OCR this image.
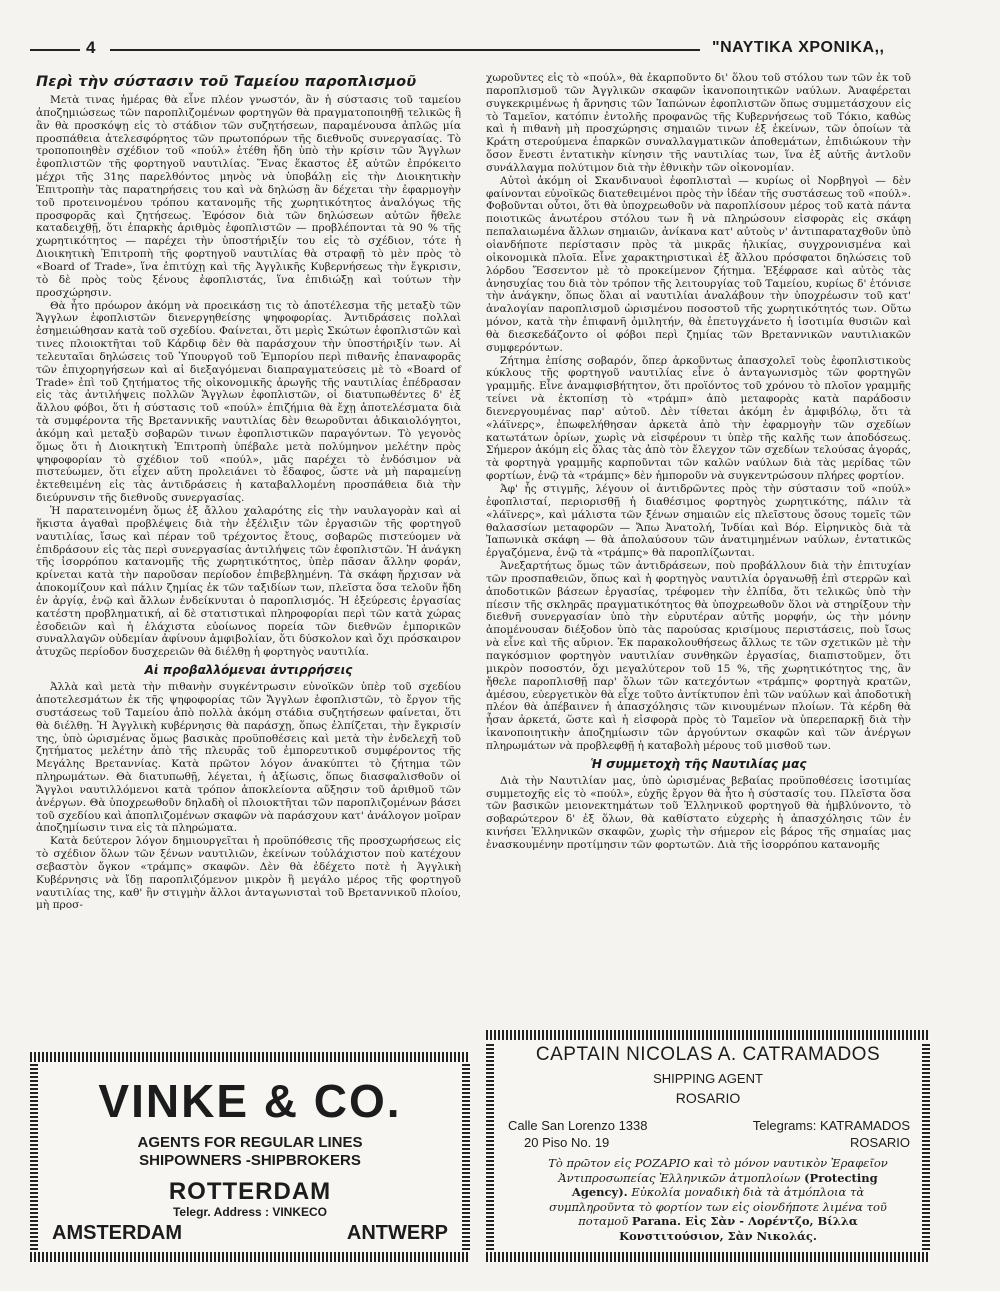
4	"ΝΑΥΤΙΚΑ ΧΡΟΝΙΚΑ,,
Περὶ τὴν σύστασιν τοῦ Ταμείου παροπλισμοῦ

Μετὰ τινας ἡμέρας θὰ εἶνε πλέον γνωστόν, ἂν ἡ σύστασις τοῦ ταμείου ἀποζημιώσεως τῶν παροπλιζομένων φορτηγῶν θὰ πραγματοποιηθῇ τελικῶς ἢ ἂν θὰ προσκόψῃ εἰς τὸ στάδιον τῶν συζητήσεων, παραμένουσα ἁπλῶς μία προσπάθεια ἀτελεσφόρητος τῶν πρωτοπόρων τῆς διεθνοῦς συνεργασίας. Τὸ τροποποιηθὲν σχέδιον τοῦ «πούλ» ἐτέθη ἤδη ὑπὸ τὴν κρίσιν τῶν Ἄγγλων ἐφοπλιστῶν τῆς φορτηγοῦ ναυτιλίας. Ἕνας ἕκαστος ἐξ αὐτῶν ἐπρόκειτο μέχρι τῆς 31ης παρελθόντος μηνὸς νὰ ὑποβάλῃ εἰς τὴν Διοικητικὴν Ἐπιτροπὴν τὰς παρατηρήσεις του καὶ νὰ δηλώσῃ ἂν δέχεται τὴν ἐφαρμογὴν τοῦ προτεινομένου τρόπου κατανομῆς τῆς χωρητικότητος ἀναλόγως τῆς προσφορᾶς καὶ ζητήσεως. Ἐφόσον διὰ τῶν δηλώσεων αὐτῶν ἤθελε καταδειχθῇ, ὅτι ἐπαρκὴς ἀριθμὸς ἐφοπλιστῶν — προβλέπονται τὰ 90 % τῆς χωρητικότητος — παρέχει τὴν ὑποστήριξίν του εἰς τὸ σχέδιον, τότε ἡ Διοικητικὴ Ἐπιτροπὴ τῆς φορτηγοῦ ναυτιλίας θὰ στραφῇ τὸ μὲν πρὸς τὸ «Board of Trade», ἵνα ἐπιτύχῃ καὶ τῆς Ἀγγλικῆς Κυβερνήσεως τὴν ἔγκρισιν, τὸ δὲ πρὸς τοὺς ξένους ἐφοπλιστάς, ἵνα ἐπιδιώξῃ καὶ τούτων τὴν προσχώρησιν.

Θὰ ἦτο πρόωρον ἀκόμη νὰ προεικάσῃ τις τὸ ἀποτέλεσμα τῆς μεταξὺ τῶν Ἄγγλων ἐφοπλιστῶν διενεργηθείσης ψηφοφορίας. Ἀντιδράσεις πολλαὶ ἐσημειώθησαν κατὰ τοῦ σχεδίου. Φαίνεται, ὅτι μερὶς Σκώτων ἐφοπλιστῶν καὶ τινες πλοιοκτῆται τοῦ Κάρδιφ δὲν θὰ παράσχουν τὴν ὑποστήριξίν των. Αἱ τελευταῖαι δηλώσεις τοῦ Ὑπουργοῦ τοῦ Ἐμπορίου περὶ πιθανῆς ἐπαναφορᾶς τῶν ἐπιχορηγήσεων καὶ αἱ διεξαγόμεναι διαπραγματεύσεις μὲ τὸ «Board of Trade» ἐπὶ τοῦ ζητήματος τῆς οἰκονομικῆς ἀρωγῆς τῆς ναυτιλίας ἐπέδρασαν εἰς τὰς ἀντιλήψεις πολλῶν Ἄγγλων ἐφοπλιστῶν, οἱ διατυπωθέντες δ' ἐξ ἄλλου φόβοι, ὅτι ἡ σύστασις τοῦ «πούλ» ἐπιζήμια θὰ ἔχῃ ἀποτελέσματα διὰ τὰ συμφέροντα τῆς Βρεταννικῆς ναυτιλίας δὲν θεωροῦνται ἀδικαιολόγητοι, ἀκόμη καὶ μεταξὺ σοβαρῶν τινων ἐφοπλιστικῶν παραγόντων. Τὸ γεγονὸς ὅμως ὅτι ἡ Διοικητικὴ Ἐπιτροπὴ ὑπέβαλε μετὰ πολύμηνον μελέτην πρὸς ψηφοφορίαν τὸ σχέδιον τοῦ «πούλ», μᾶς παρέχει τὸ ἐνδόσιμον νὰ πιστεύωμεν, ὅτι εἶχεν αὕτη προλειάνει τὸ ἔδαφος, ὥστε νὰ μὴ παραμείνῃ ἐκτεθειμένη εἰς τὰς ἀντιδράσεις ἡ καταβαλλομένη προσπάθεια διὰ τὴν διεύρυνσιν τῆς διεθνοῦς συνεργασίας.

Ἡ παρατεινομένη ὅμως ἐξ ἄλλου χαλαρότης εἰς τὴν ναυλαγορὰν καὶ αἱ ἥκιστα ἀγαθαὶ προβλέψεις διὰ τὴν ἐξέλιξιν τῶν ἐργασιῶν τῆς φορτηγοῦ ναυτιλίας, ἴσως καὶ πέραν τοῦ τρέχοντος ἔτους, σοβαρῶς πιστεύομεν νὰ ἐπιδράσουν εἰς τὰς περὶ συνεργασίας ἀντιλήψεις τῶν ἐφοπλιστῶν. Ἡ ἀνάγκη τῆς ἰσορρόπου κατανομῆς τῆς χωρητικότητος, ὑπὲρ πᾶσαν ἄλλην φοράν, κρίνεται κατὰ τὴν παροῦσαν περίοδον ἐπιβεβλημένη. Τὰ σκάφη ἤρχισαν νὰ ἀποκομίζουν καὶ πάλιν ζημίας ἐκ τῶν ταξιδίων των, πλεῖστα ὅσα τελοῦν ἤδη ἐν ἀργίᾳ, ἐνῷ καὶ ἄλλων ἐνδείκνυται ὁ παροπλισμός. Ἡ ἐξεύρεσις ἐργασίας κατέστη προβληματική, αἱ δὲ στατιστικαὶ πληροφορίαι περὶ τῶν κατὰ χώρας ἐσοδειῶν καὶ ἡ ἐλάχιστα εὐοίωνος πορεία τῶν διεθνῶν ἐμπορικῶν συναλλαγῶν οὐδεμίαν ἀφίνουν ἀμφιβολίαν, ὅτι δύσκολον καὶ ὄχι πρόσκαιρον ἀτυχῶς περίοδον δυσχερειῶν θὰ διέλθῃ ἡ φορτηγὸς ναυτιλία.

Αἱ προβαλλόμεναι ἀντιρρήσεις

Ἀλλὰ καὶ μετὰ τὴν πιθανὴν συγκέντρωσιν εὐνοϊκῶν ὑπὲρ τοῦ σχεδίου ἀποτελεσμάτων ἐκ τῆς ψηφοφορίας τῶν Ἄγγλων ἐφοπλιστῶν, τὸ ἔργον τῆς συστάσεως τοῦ Ταμείου ἀπὸ πολλὰ ἀκόμη στάδια συζητήσεων φαίνεται, ὅτι θὰ διέλθῃ. Ἡ Ἀγγλικὴ κυβέρνησις θὰ παράσχῃ, ὅπως ἐλπίζεται, τὴν ἔγκρισίν της, ὑπὸ ὡρισμένας ὅμως βασικὰς προϋποθέσεις καὶ μετὰ τὴν ἐνδελεχῆ τοῦ ζητήματος μελέτην ἀπὸ τῆς πλευρᾶς τοῦ ἐμπορευτικοῦ συμφέροντος τῆς Μεγάλης Βρεταννίας. Κατὰ πρῶτον λόγον ἀνακύπτει τὸ ζήτημα τῶν πληρωμάτων. Θὰ διατυπωθῇ, λέγεται, ἡ ἀξίωσις, ὅπως διασφαλισθοῦν οἱ Ἄγγλοι ναυτιλλόμενοι κατὰ τρόπον ἀποκλείοντα αὔξησιν τοῦ ἀριθμοῦ τῶν ἀνέργων. Θὰ ὑποχρεωθοῦν δηλαδὴ οἱ πλοιοκτῆται τῶν παροπλιζομένων βάσει τοῦ σχεδίου καὶ ἀποπλιζομένων σκαφῶν νὰ παράσχουν κατ' ἀνάλογον μοῖραν ἀποζημίωσιν τινα εἰς τὰ πληρώματα.

Κατὰ δεύτερον λόγον δημιουργεῖται ἡ προϋπόθεσις τῆς προσχωρήσεως εἰς τὸ σχέδιον ὅλων τῶν ξένων ναυτιλιῶν, ἐκείνων τοὐλάχιστον ποὺ κατέχουν σεβαστὸν ὄγκον «τράμπς» σκαφῶν. Δὲν θὰ ἐδέχετο ποτὲ ἡ Ἀγγλικὴ Κυβέρνησις νὰ ἴδῃ παροπλιζόμενον μικρὸν ἢ μεγάλο μέρος τῆς φορτηγοῦ ναυτιλίας της, καθ' ἣν στιγμὴν ἄλλοι ἀνταγωνισταὶ τοῦ Βρεταννικοῦ πλοίου, μὴ προσ-

χωροῦντες εἰς τὸ «πούλ», θὰ ἐκαρποῦντο δι' ὅλου τοῦ στόλου των τῶν ἐκ τοῦ παροπλισμοῦ τῶν Ἀγγλικῶν σκαφῶν ἱκανοποιητικῶν ναύλων. Ἀναφέρεται συγκεκριμένως ἡ ἄρνησις τῶν Ἰαπώνων ἐφοπλιστῶν ὅπως συμμετάσχουν εἰς τὸ Ταμεῖον, κατόπιν ἐντολῆς προφανῶς τῆς Κυβερνήσεως τοῦ Τόκιο, καθὼς καὶ ἡ πιθανὴ μὴ προσχώρησις σημαιῶν τινων ἐξ ἐκείνων, τῶν ὁποίων τὰ Κράτη στερούμενα ἐπαρκῶν συναλλαγματικῶν ἀποθεμάτων, ἐπιδιώκουν τὴν ὅσον ἔνεστι ἐντατικὴν κίνησιν τῆς ναυτιλίας των, ἵνα ἐξ αὐτῆς ἀντλοῦν συνάλλαγμα πολύτιμον διὰ τὴν ἐθνικὴν τῶν οἰκονομίαν.

Αὐτοὶ ἀκόμη οἱ Σκανδιναυοὶ ἐφοπλισταὶ — κυρίως οἱ Νορβηγοὶ — δὲν φαίνονται εὐνοϊκῶς διατεθειμένοι πρὸς τὴν ἰδέαν τῆς συστάσεως τοῦ «πούλ». Φοβοῦνται οὗτοι, ὅτι θὰ ὑποχρεωθοῦν νὰ παροπλίσουν μέρος τοῦ κατὰ πάντα ποιοτικῶς ἀνωτέρου στόλου των ἢ νὰ πληρώσουν εἰσφορὰς εἰς σκάφη πεπαλαιωμένα ἄλλων σημαιῶν, ἀνίκανα κατ' αὐτοὺς ν' ἀντιπαραταχθοῦν ὑπὸ οἱανδήποτε περίστασιν πρὸς τὰ μικρᾶς ἡλικίας, συγχρονισμένα καὶ οἰκονομικὰ πλοῖα. Εἶνε χαρακτηριστικαὶ ἐξ ἄλλου πρόσφατοι δηλώσεις τοῦ λόρδου Ἔσσεντον μὲ τὸ προκείμενον ζήτημα. Ἐξέφρασε καὶ αὐτὸς τὰς ἀνησυχίας του διὰ τὸν τρόπον τῆς λειτουργίας τοῦ Ταμείου, κυρίως δ' ἐτόνισε τὴν ἀνάγκην, ὅπως ὅλαι αἱ ναυτιλίαι ἀναλάβουν τὴν ὑποχρέωσιν τοῦ κατ' ἀναλογίαν παροπλισμοῦ ὡρισμένου ποσοστοῦ τῆς χωρητικότητός των. Οὕτω μόνον, κατὰ τὴν ἐπιφανῆ ὁμιλητήν, θὰ ἐπετυγχάνετο ἡ ἰσοτιμία θυσιῶν καὶ θὰ διεσκεδάζοντο οἱ φόβοι περὶ ζημίας τῶν Βρεταννικῶν ναυτιλιακῶν συμφερόντων.

Ζήτημα ἐπίσης σοβαρόν, ὅπερ ἀρκοῦντως ἀπασχολεῖ τοὺς ἐφοπλιστικοὺς κύκλους τῆς φορτηγοῦ ναυτιλίας εἶνε ὁ ἀνταγωνισμὸς τῶν φορτηγῶν γραμμῆς. Εἶνε ἀναμφισβήτητον, ὅτι προϊόντος τοῦ χρόνου τὸ πλοῖον γραμμῆς τείνει νὰ ἐκτοπίσῃ τὸ «τράμπ» ἀπὸ μεταφορὰς κατὰ παράδοσιν διενεργουμένας παρ' αὐτοῦ. Δὲν τίθεται ἀκόμη ἐν ἀμφιβόλῳ, ὅτι τὰ «λάϊνερς», ἐπωφελήθησαν ἀρκετὰ ἀπὸ τὴν ἐφαρμογὴν τῶν σχεδίων κατωτάτων ὁρίων, χωρὶς νὰ εἰσφέρουν τι ὑπὲρ τῆς καλῆς των ἀποδόσεως. Σήμερον ἀκόμη εἰς ὅλας τὰς ἀπὸ τὸν ἔλεγχον τῶν σχεδίων τελούσας ἀγοράς, τὰ φορτηγὰ γραμμῆς καρποῦνται τῶν καλῶν ναύλων διὰ τὰς μερίδας τῶν φορτίων, ἐνῷ τὰ «τράμπς» δὲν ἠμποροῦν νὰ συγκεντρώσουν πλήρες φορτίον.

Ἀφ' ἧς στιγμῆς, λέγουν οἱ ἀντιδρῶντες πρὸς τὴν σύστασιν τοῦ «πούλ» ἐφοπλισταί, περιορισθῇ ἡ διαθέσιμος φορτηγὸς χωρητικότης, πάλιν τὰ «λάϊνερς», καὶ μάλιστα τῶν ξένων σημαιῶν εἰς πλεῖστους ὅσους τομεῖς τῶν θαλασσίων μεταφορῶν — Ἄπω Ἀνατολή, Ἰνδίαι καὶ Βόρ. Εἰρηνικὸς διὰ τὰ Ἰαπωνικὰ σκάφη — θὰ ἀπολαύσουν τῶν ἀνατιμημένων ναύλων, ἐντατικῶς ἐργαζόμενα, ἐνῷ τὰ «τράμπς» θὰ παροπλίζωνται.

Ἀνεξαρτήτως ὅμως τῶν ἀντιδράσεων, ποὺ προβάλλουν διὰ τὴν ἐπιτυχίαν τῶν προσπαθειῶν, ὅπως καὶ ἡ φορτηγὸς ναυτιλία ὀργανωθῇ ἐπὶ στερρῶν καὶ ἀποδοτικῶν βάσεων ἐργασίας, τρέφομεν τὴν ἐλπίδα, ὅτι τελικῶς ὑπὸ τὴν πίεσιν τῆς σκληρᾶς πραγματικότητος θὰ ὑποχρεωθοῦν ὅλοι νὰ στηρίξουν τὴν διεθνῆ συνεργασίαν ὑπὸ τὴν εὐρυτέραν αὐτῆς μορφήν, ὡς τὴν μόνην ἀπομένουσαν διέξοδον ὑπὸ τὰς παρούσας κρισίμους περιστάσεις, ποὺ ἴσως νὰ εἶνε καὶ τῆς αὔριον. Ἐκ παρακολουθήσεως ἄλλως τε τῶν σχετικῶν μὲ τὴν παγκόσμιον φορτηγὸν ναυτιλίαν συνθηκῶν ἐργασίας, διαπιστοῦμεν, ὅτι μικρὸν ποσοστόν, ὄχι μεγαλύτερον τοῦ 15 %, τῆς χωρητικότητος της, ἂν ἤθελε παροπλισθῇ παρ' ὅλων τῶν κατεχόντων «τράμπς» φορτηγὰ κρατῶν, ἀμέσου, εὐεργετικὸν θὰ εἶχε τοῦτο ἀντίκτυπον ἐπὶ τῶν ναύλων καὶ ἀποδοτικὴ πλέον θὰ ἀπέβαινεν ἡ ἀπασχόλησις τῶν κινουμένων πλοίων. Τὰ κέρδη θὰ ἦσαν ἀρκετά, ὥστε καὶ ἡ εἰσφορὰ πρὸς τὸ Ταμεῖον νὰ ὑπερεπαρκῇ διὰ τὴν ἱκανοποιητικὴν ἀποζημίωσιν τῶν ἀργούντων σκαφῶν καὶ τῶν ἀνέργων πληρωμάτων νὰ προβλεφθῇ ἡ καταβολὴ μέρους τοῦ μισθοῦ των.

Ἡ συμμετοχὴ τῆς Ναυτιλίας μας

Διὰ τὴν Ναυτιλίαν μας, ὑπὸ ὡρισμένας βεβαίας προϋποθέσεις ἰσοτιμίας συμμετοχῆς εἰς τὸ «πούλ», εὐχῆς ἔργον θὰ ἦτο ἡ σύστασίς του. Πλεῖστα ὅσα τῶν βασικῶν μειονεκτημάτων τοῦ Ἑλληνικοῦ φορτηγοῦ θὰ ἠμβλύνοντο, τὸ σοβαρώτερον δ' ἐξ ὅλων, θὰ καθίστατο εὐχερὴς ἡ ἀπασχόλησις τῶν ἐν κινήσει Ἑλληνικῶν σκαφῶν, χωρὶς τὴν σήμερον εἰς βάρος τῆς σημαίας μας ἐνασκουμένην προτίμησιν τῶν φορτωτῶν. Διὰ τῆς ἰσορρόπου κατανομῆς

VINKE & CO.
AGENTS FOR REGULAR LINES
SHIPOWNERS -SHIPBROKERS
ROTTERDAM
Telegr. Address : VINKECO
AMSTERDAM	ANTWERP
CAPTAIN NICOLAS A. CATRAMADOS
SHIPPING AGENT
ROSARIO
Calle San Lorenzo 1338
20 Piso No. 19
Telegrams: KATRAMADOS
ROSARIO
Τὸ πρῶτον εἰς ΡΟΖΑΡΙΟ καὶ τὸ μόνον ναυτικὸν Ἐραφεῖον Ἀντιπροσωπείας Ἑλληνικῶν ἀτμοπλοίων (Protecting Agency). Εὐκολία μοναδικὴ διὰ τὰ ἀτμόπλοια τὰ συμπληροῦντα τὸ φορτίον των εἰς οἱονδήποτε λιμένα τοῦ ποταμοῦ Parana. Εἰς Σὰν - Λορέντζο, Βίλλα Κονστιτούσιον, Σὰν Νικολάς.
